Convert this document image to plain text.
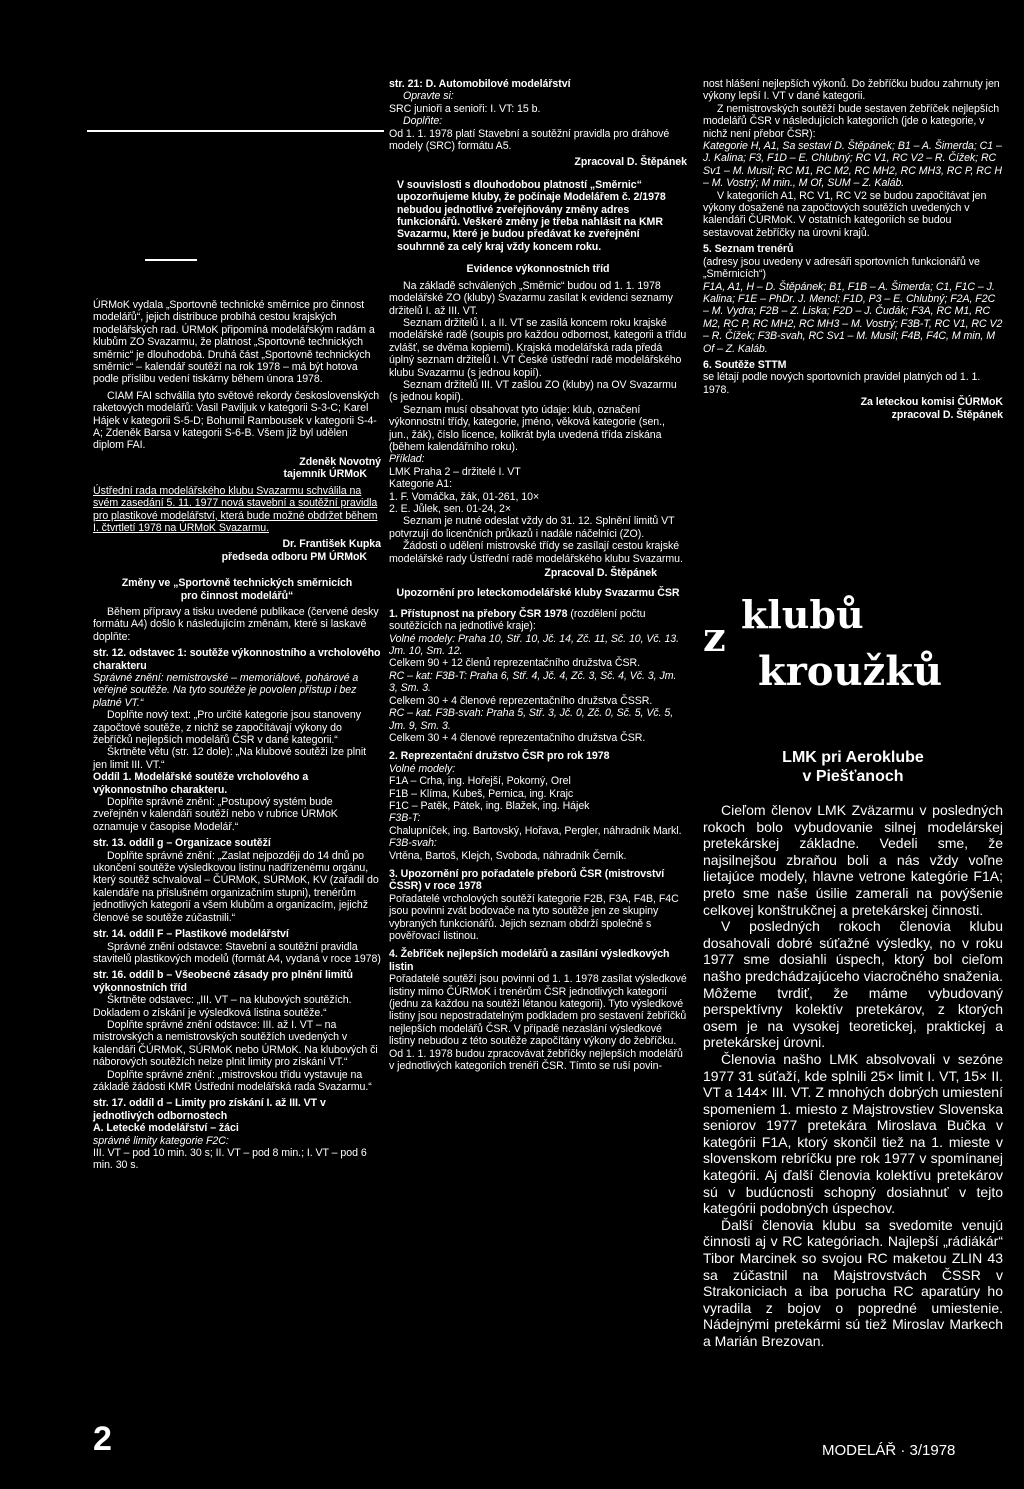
ÚRMoK vydala „Sportovně technické směrnice pro činnost modelářů“, jejich distribuce probíhá cestou krajských modelářských rad. ÚRMoK připomíná modelářským radám a klubům ZO Svazarmu, že platnost „Sportovně technických směrnic“ je dlouhodobá. Druhá část „Sportovně technických směrnic“ – kalendář soutěží na rok 1978 – má být hotova podle příslibu vedení tiskárny během února 1978.

CIAM FAI schválila tyto světové rekordy československých raketových modelářů: Vasil Paviljuk v kategorii S-3-C; Karel Hájek v kategorii S-5-D; Bohumil Rambousek v kategorii S-4-A; Zdeněk Barsa v kategorii S-6-B. Všem již byl udělen diplom FAI.

Zdeněk Novotný

tajemník ÚRMoK

Ústřední rada modelářského klubu Svazarmu schválila na svém zasedání 5. 11. 1977 nová stavební a soutěžní pravidla pro plastikové modelářství, která bude možné obdržet během I. čtvrtletí 1978 na ÚRMoK Svazarmu.

Dr. František Kupka

předseda odboru PM ÚRMoK

Změny ve „Sportovně technických směrnicích pro činnost modelářů“

Během přípravy a tisku uvedené publikace (červené desky formátu A4) došlo k následujícím změnám, které si laskavě doplňte:

str. 12. odstavec 1: soutěže výkonnostního a vrcholového charakteru

Správné znění: nemistrovské – memoriálové, pohárové a veřejné soutěže. Na tyto soutěže je povolen přístup i bez platné VT.“

Doplňte nový text: „Pro určité kategorie jsou stanoveny započtové soutěže, z nichž se započítávají výkony do žebříčků nejlepších modelářů ČSR v dané kategorii.“

Škrtněte větu (str. 12 dole): „Na klubové soutěži lze plnit jen limit III. VT.“

Oddíl 1. Modelářské soutěže vrcholového a výkonnostního charakteru.

Doplňte správné znění: „Postupový systém bude zveřejněn v kalendáři soutěží nebo v rubrice ÚRMoK oznamuje v časopise Modelář.“

str. 13. oddíl g – Organizace soutěží

Doplňte správné znění: „Zaslat nejpozději do 14 dnů po ukončení soutěže výsledkovou listinu nadřízenému orgánu, který soutěž schvaloval – ČÚRMoK, SÚRMoK, KV (zařadil do kalendáře na příslušném organizačním stupni), trenérům jednotlivých kategorií a všem klubům a organizacím, jejichž členové se soutěže zúčastnili.“

str. 14. oddíl F – Plastikové modelářství

Správné znění odstavce: Stavební a soutěžní pravidla stavitelů plastikových modelů (formát A4, vydaná v roce 1978)

str. 16. oddíl b – Všeobecné zásady pro plnění limitů výkonnostních tříd

Škrtněte odstavec: „III. VT – na klubových soutěžích. Dokladem o získání je výsledková listina soutěže.“

Doplňte správné znění odstavce: III. až I. VT – na mistrovských a nemistrovských soutěžích uvedených v kalendáři ČÚRMoK, SÚRMoK nebo ÚRMoK. Na klubových či náborových soutěžích nelze plnit limity pro získání VT.“

Doplňte správné znění: „mistrovskou třídu vystavuje na základě žádosti KMR Ústřední modelářská rada Svazarmu.“

str. 17. oddíl d – Limity pro získání I. až III. VT v jednotlivých odbornostech

A. Letecké modelářství – žáci

správné limity kategorie F2C:

III. VT – pod 10 min. 30 s; II. VT – pod 8 min.; I. VT – pod 6 min. 30 s.

str. 21: D. Automobilové modelářství

Opravte si:

SRC junioři a senioři: I. VT: 15 b.

Doplňte:

Od 1. 1. 1978 platí Stavební a soutěžní pravidla pro dráhové modely (SRC) formátu A5.

Zpracoval D. Štěpánek

V souvislosti s dlouhodobou platností „Směrnic“ upozorňujeme kluby, že počínaje Modelářem č. 2/1978 nebudou jednotlivé zveřejňovány změny adres funkcionářů. Veškeré změny je třeba nahlásit na KMR Svazarmu, které je budou předávat ke zveřejnění souhrnně za celý kraj vždy koncem roku.

Evidence výkonnostních tříd

Na základě schválených „Směrnic“ budou od 1. 1. 1978 modelářské ZO (kluby) Svazarmu zasílat k evidenci seznamy držitelů I. až III. VT.

Seznam držitelů I. a II. VT se zasílá koncem roku krajské modelářské radě (soupis pro každou odbornost, kategorii a třídu zvlášť, se dvěma kopiemi). Krajská modelářská rada předá úplný seznam držitelů I. VT České ústřední radě modelářského klubu Svazarmu (s jednou kopií).

Seznam držitelů III. VT zašlou ZO (kluby) na OV Svazarmu (s jednou kopií).

Seznam musí obsahovat tyto údaje: klub, označení výkonnostní třídy, kategorie, jméno, věková kategorie (sen., jun., žák), číslo licence, kolikrát byla uvedená třída získána (během kalendářního roku).

Příklad:

LMK Praha 2 – držitelé I. VT

Kategorie A1:

1. F. Vomáčka, žák, 01-261, 10×

2. E. Jůlek, sen. 01-24, 2×

Seznam je nutné odeslat vždy do 31. 12. Splnění limitů VT potvrzují do licenčních průkazů i nadále náčelníci (ZO).

Žádosti o udělení mistrovské třídy se zasílají cestou krajské modelářské rady Ústřední radě modelářského klubu Svazarmu.

Zpracoval D. Štěpánek

Upozornění pro leteckomodelářské kluby Svazarmu ČSR

1. Přístupnost na přebory ČSR 1978 (rozdělení počtu soutěžících na jednotlivé kraje):

Volné modely: Praha 10, Stř. 10, Jč. 14, Zč. 11, Sč. 10, Vč. 13. Jm. 10, Sm. 12.

Celkem 90 + 12 členů reprezentačního družstva ČSR.

RC – kat: F3B-T: Praha 6, Stř. 4, Jč. 4, Zč. 3, Sč. 4, Vč. 3, Jm. 3, Sm. 3.

Celkem 30 + 4 členové reprezentačního družstva ČSSR.

RC – kat. F3B-svah: Praha 5, Stř. 3, Jč. 0, Zč. 0, Sč. 5, Vč. 5, Jm. 9, Sm. 3.

Celkem 30 + 4 členové reprezentačního družstva ČSR.

2. Reprezentační družstvo ČSR pro rok 1978

Volné modely:

F1A – Crha, ing. Hořejší, Pokorný, Orel

F1B – Klíma, Kubeš, Pernica, ing. Krajc

F1C – Patěk, Pátek, ing. Blažek, ing. Hájek

F3B-T:

Chalupníček, ing. Bartovský, Hořava, Pergler, náhradník Markl.

F3B-svah:

Vrtěna, Bartoš, Klejch, Svoboda, náhradník Černík.

3. Upozornění pro pořadatele přeborů ČSR (mistrovství ČSSR) v roce 1978

Pořadatelé vrcholových soutěží kategorie F2B, F3A, F4B, F4C jsou povinni zvát bodovače na tyto soutěže jen ze skupiny vybraných funkcionářů. Jejich seznam obdrží společně s pověřovací listinou.

4. Žebříček nejlepších modelářů a zasílání výsledkových listin

Pořadatelé soutěží jsou povinni od 1. 1. 1978 zasílat výsledkové listiny mimo ČÚRMoK i trenérům ČSR jednotlivých kategorií (jednu za každou na soutěži létanou kategorii). Tyto výsledkové listiny jsou nepostradatelným podkladem pro sestavení žebříčků nejlepších modelářů ČSR. V případě nezaslání výsledkové listiny nebudou z této soutěže započítány výkony do žebříčku. Od 1. 1. 1978 budou zpracovávat žebříčky nejlepších modelářů v jednotlivých kategoriích trenéři ČSR. Tímto se ruší povin-

nost hlášení nejlepších výkonů. Do žebříčku budou zahrnuty jen výkony lepší I. VT v dané kategorii.

Z nemistrovských soutěží bude sestaven žebříček nejlepších modelářů ČSR v následujících kategoriích (jde o kategorie, v nichž není přebor ČSR):

Kategorie H, A1, Sa sestaví D. Štěpánek; B1 – A. Šimerda; C1 – J. Kalina; F3, F1D – E. Chlubný; RC V1, RC V2 – R. Čížek; RC Sv1 – M. Musil; RC M1, RC M2, RC MH2, RC MH3, RC P, RC H – M. Vostrý; M min., M Of, SUM – Z. Kaláb.

V kategoriích A1, RC V1, RC V2 se budou započítávat jen výkony dosažené na započtových soutěžích uvedených v kalendáři ČÚRMoK. V ostatních kategoriích se budou sestavovat žebříčky na úrovni krajů.

5. Seznam trenérů

(adresy jsou uvedeny v adresáři sportovních funkcionářů ve „Směrnicích“)

F1A, A1, H – D. Štěpánek; B1, F1B – A. Šimerda; C1, F1C – J. Kalina; F1E – PhDr. J. Mencl; F1D, P3 – E. Chlubný; F2A, F2C – M. Vydra; F2B – Z. Liska; F2D – J. Čudák; F3A, RC M1, RC M2, RC P, RC MH2, RC MH3 – M. Vostrý; F3B-T, RC V1, RC V2 – R. Čížek; F3B-svah, RC Sv1 – M. Musil; F4B, F4C, M min, M Of – Z. Kaláb.

6. Soutěže STTM

se létají podle nových sportovních pravidel platných od 1. 1. 1978.

Za leteckou komisi ČÚRMoK

zpracoval D. Štěpánek

z klubů
kroužků
LMK pri Aeroklube
v Piešťanoch

Cieľom členov LMK Zväzarmu v posledných rokoch bolo vybudovanie silnej modelárskej pretekárskej základne. Vedeli sme, že najsilnejšou zbraňou boli a nás vždy voľne lietajúce modely, hlavne vetrone kategórie F1A; preto sme naše úsilie zamerali na povýšenie celkovej konštrukčnej a pretekárskej činnosti.

V posledných rokoch členovia klubu dosahovali dobré súťažné výsledky, no v roku 1977 sme dosiahli úspech, ktorý bol cieľom našho predchádzajúceho viacročného snaženia. Môžeme tvrdiť, že máme vybudovaný perspektívny kolektív pretekárov, z ktorých osem je na vysokej teoretickej, praktickej a pretekárskej úrovni.

Členovia našho LMK absolvovali v sezóne 1977 31 súťaží, kde splnili 25× limit I. VT, 15× II. VT a 144× III. VT. Z mnohých dobrých umiestení spomeniem 1. miesto z Majstrovstiev Slovenska seniorov 1977 pretekára Miroslava Bučka v kategórii F1A, ktorý skončil tiež na 1. mieste v slovenskom rebríčku pre rok 1977 v spomínanej kategórii. Aj ďalší členovia kolektívu pretekárov sú v budúcnosti schopný dosiahnuť v tejto kategórii podobných úspechov.

Ďalší členovia klubu sa svedomite venujú činnosti aj v RC kategóriach. Najlepší „rádiákár“ Tibor Marcinek so svojou RC maketou ZLIN 43 sa zúčastnil na Majstrovstvách ČSSR v Strakoniciach a iba porucha RC aparatúry ho vyradila z bojov o popredné umiestenie. Nádejnými pretekármi sú tiež Miroslav Markech a Marián Brezovan.

2	MODELÁŘ · 3/1978
